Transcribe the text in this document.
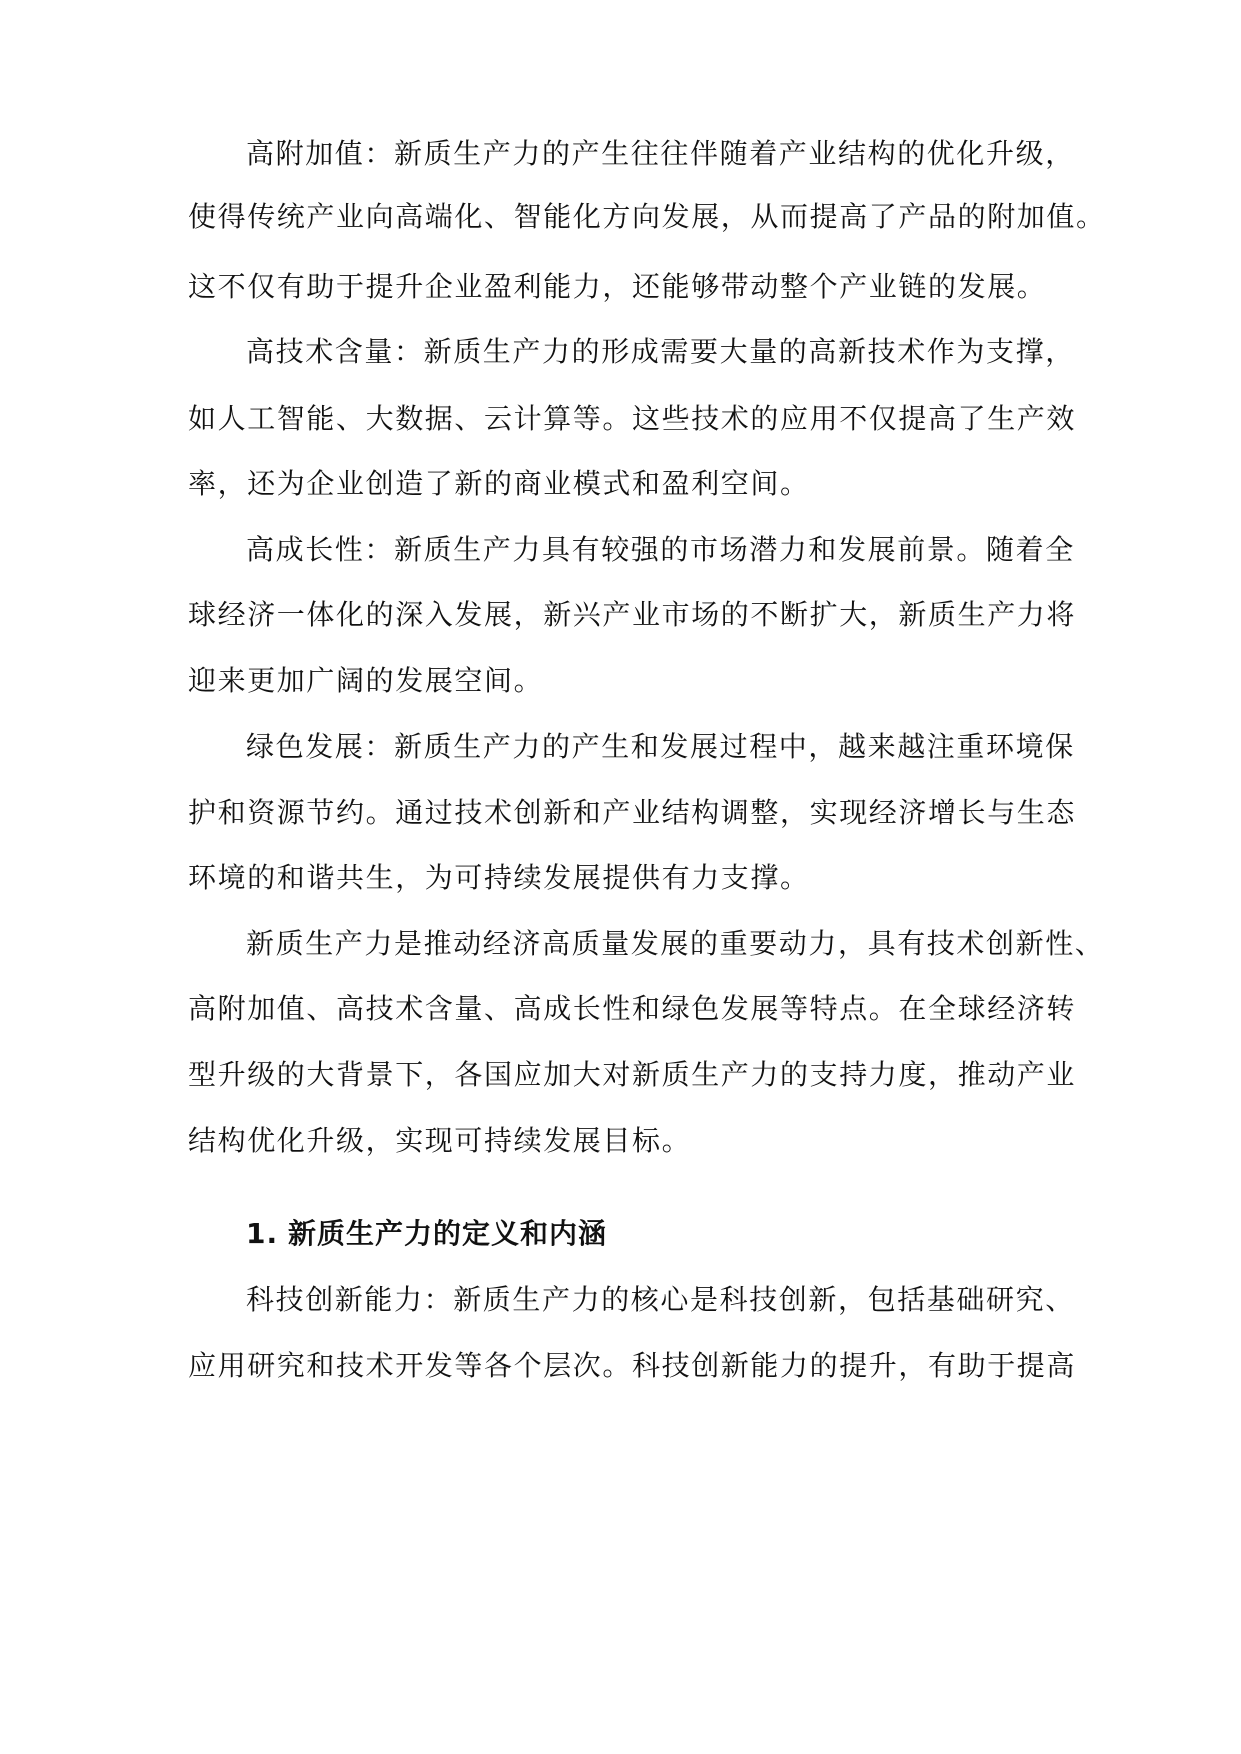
高附加值：新质生产力的产生往往伴随着产业结构的优化升级，
使得传统产业向高端化、智能化方向发展，从而提高了产品的附加值。
这不仅有助于提升企业盈利能力，还能够带动整个产业链的发展。
高技术含量：新质生产力的形成需要大量的高新技术作为支撑，
如人工智能、大数据、云计算等。这些技术的应用不仅提高了生产效
率，还为企业创造了新的商业模式和盈利空间。
高成长性：新质生产力具有较强的市场潜力和发展前景。随着全
球经济一体化的深入发展，新兴产业市场的不断扩大，新质生产力将
迎来更加广阔的发展空间。
绿色发展：新质生产力的产生和发展过程中，越来越注重环境保
护和资源节约。通过技术创新和产业结构调整，实现经济增长与生态
环境的和谐共生，为可持续发展提供有力支撑。
新质生产力是推动经济高质量发展的重要动力，具有技术创新性、
高附加值、高技术含量、高成长性和绿色发展等特点。在全球经济转
型升级的大背景下，各国应加大对新质生产力的支持力度，推动产业
结构优化升级，实现可持续发展目标。
1. 新质生产力的定义和内涵
科技创新能力：新质生产力的核心是科技创新，包括基础研究、
应用研究和技术开发等各个层次。科技创新能力的提升，有助于提高
